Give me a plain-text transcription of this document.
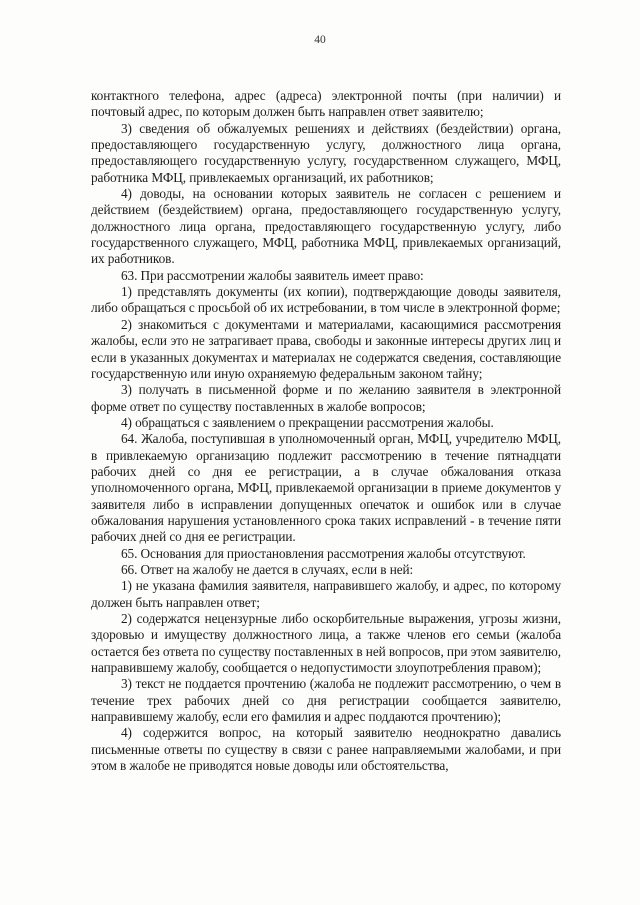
40

контактного телефона, адрес (адреса) электронной почты (при наличии) и почтовый адрес, по которым должен быть направлен ответ заявителю;

3) сведения об обжалуемых решениях и действиях (бездействии) органа, предоставляющего государственную услугу, должностного лица органа, предоставляющего государственную услугу, государственном служащего, МФЦ, работника МФЦ, привлекаемых организаций, их работников;

4) доводы, на основании которых заявитель не согласен с решением и действием (бездействием) органа, предоставляющего государственную услугу, должностного лица органа, предоставляющего государственную услугу, либо государственного служащего, МФЦ, работника МФЦ, привлекаемых организаций, их работников.

63. При рассмотрении жалобы заявитель имеет право:

1) представлять документы (их копии), подтверждающие доводы заявителя, либо обращаться с просьбой об их истребовании, в том числе в электронной форме;

2) знакомиться с документами и материалами, касающимися рассмотрения жалобы, если это не затрагивает права, свободы и законные интересы других лиц и если в указанных документах и материалах не содержатся сведения, составляющие государственную или иную охраняемую федеральным законом тайну;

3) получать в письменной форме и по желанию заявителя в электронной форме ответ по существу поставленных в жалобе вопросов;

4) обращаться с заявлением о прекращении рассмотрения жалобы.

64. Жалоба, поступившая в уполномоченный орган, МФЦ, учредителю МФЦ, в привлекаемую организацию подлежит рассмотрению в течение пятнадцати рабочих дней со дня ее регистрации, а в случае обжалования отказа уполномоченного органа, МФЦ, привлекаемой организации в приеме документов у заявителя либо в исправлении допущенных опечаток и ошибок или в случае обжалования нарушения установленного срока таких исправлений - в течение пяти рабочих дней со дня ее регистрации.

65. Основания для приостановления рассмотрения жалобы отсутствуют.

66. Ответ на жалобу не дается в случаях, если в ней:

1) не указана фамилия заявителя, направившего жалобу, и адрес, по которому должен быть направлен ответ;

2) содержатся нецензурные либо оскорбительные выражения, угрозы жизни, здоровью и имуществу должностного лица, а также членов его семьи (жалоба остается без ответа по существу поставленных в ней вопросов, при этом заявителю, направившему жалобу, сообщается о недопустимости злоупотребления правом);

3) текст не поддается прочтению (жалоба не подлежит рассмотрению, о чем в течение трех рабочих дней со дня регистрации сообщается заявителю, направившему жалобу, если его фамилия и адрес поддаются прочтению);

4) содержится вопрос, на который заявителю неоднократно давались письменные ответы по существу в связи с ранее направляемыми жалобами, и при этом в жалобе не приводятся новые доводы или обстоятельства,
